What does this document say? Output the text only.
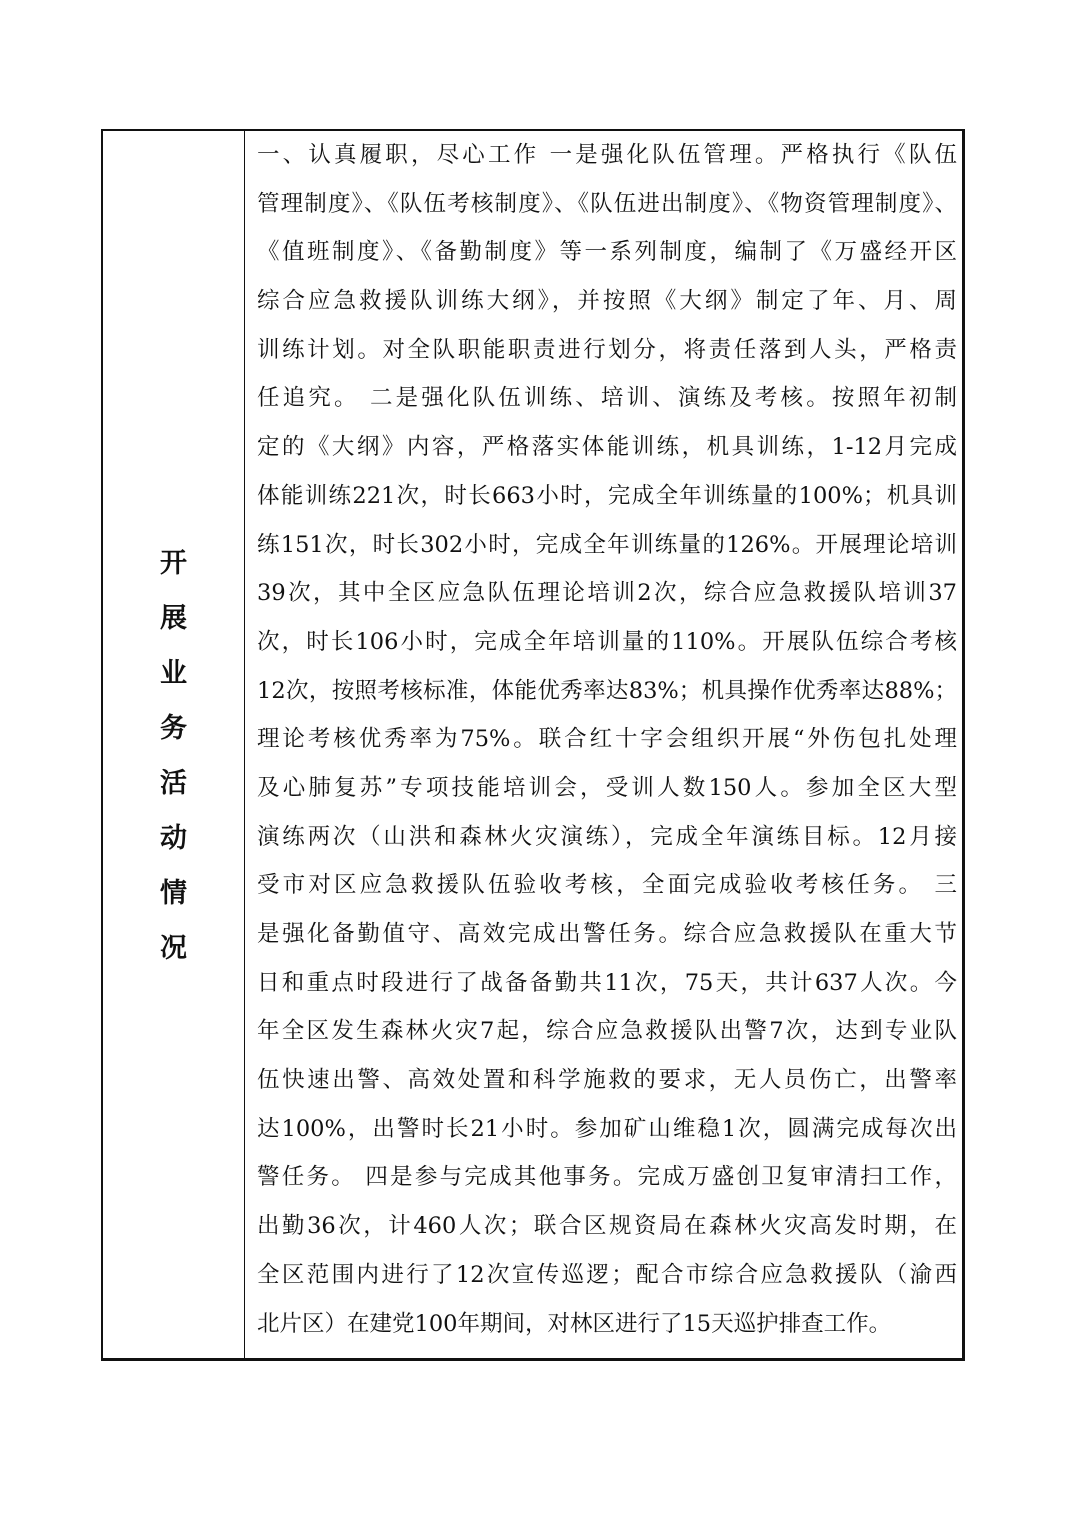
开
展
业
务
活
动
情
况
一、认真履职，尽心工作 一是强化队伍管理。严格执行《队伍
管理制度》、《队伍考核制度》、《队伍进出制度》、《物资管理制度》、
《值班制度》、《备勤制度》等一系列制度，编制了《万盛经开区
综合应急救援队训练大纲》，并按照《大纲》制定了年、月、周
训练计划。对全队职能职责进行划分，将责任落到人头，严格责
任追究。 二是强化队伍训练、培训、演练及考核。按照年初制
定的《大纲》内容，严格落实体能训练，机具训练，1-12月完成
体能训练221次，时长663小时，完成全年训练量的100%；机具训
练151次，时长302小时，完成全年训练量的126%。开展理论培训
39次，其中全区应急队伍理论培训2次，综合应急救援队培训37
次，时长106小时，完成全年培训量的110%。开展队伍综合考核
12次，按照考核标准，体能优秀率达83%；机具操作优秀率达88%；
理论考核优秀率为75%。联合红十字会组织开展“外伤包扎处理
及心肺复苏”专项技能培训会，受训人数150人。参加全区大型
演练两次（山洪和森林火灾演练），完成全年演练目标。12月接
受市对区应急救援队伍验收考核，全面完成验收考核任务。 三
是强化备勤值守、高效完成出警任务。综合应急救援队在重大节
日和重点时段进行了战备备勤共11次，75天，共计637人次。今
年全区发生森林火灾7起，综合应急救援队出警7次，达到专业队
伍快速出警、高效处置和科学施救的要求，无人员伤亡，出警率
达100%，出警时长21小时。参加矿山维稳1次，圆满完成每次出
警任务。 四是参与完成其他事务。完成万盛创卫复审清扫工作，
出勤36次，计460人次；联合区规资局在森林火灾高发时期，在
全区范围内进行了12次宣传巡逻；配合市综合应急救援队（渝西
北片区）在建党100年期间，对林区进行了15天巡护排查工作。
